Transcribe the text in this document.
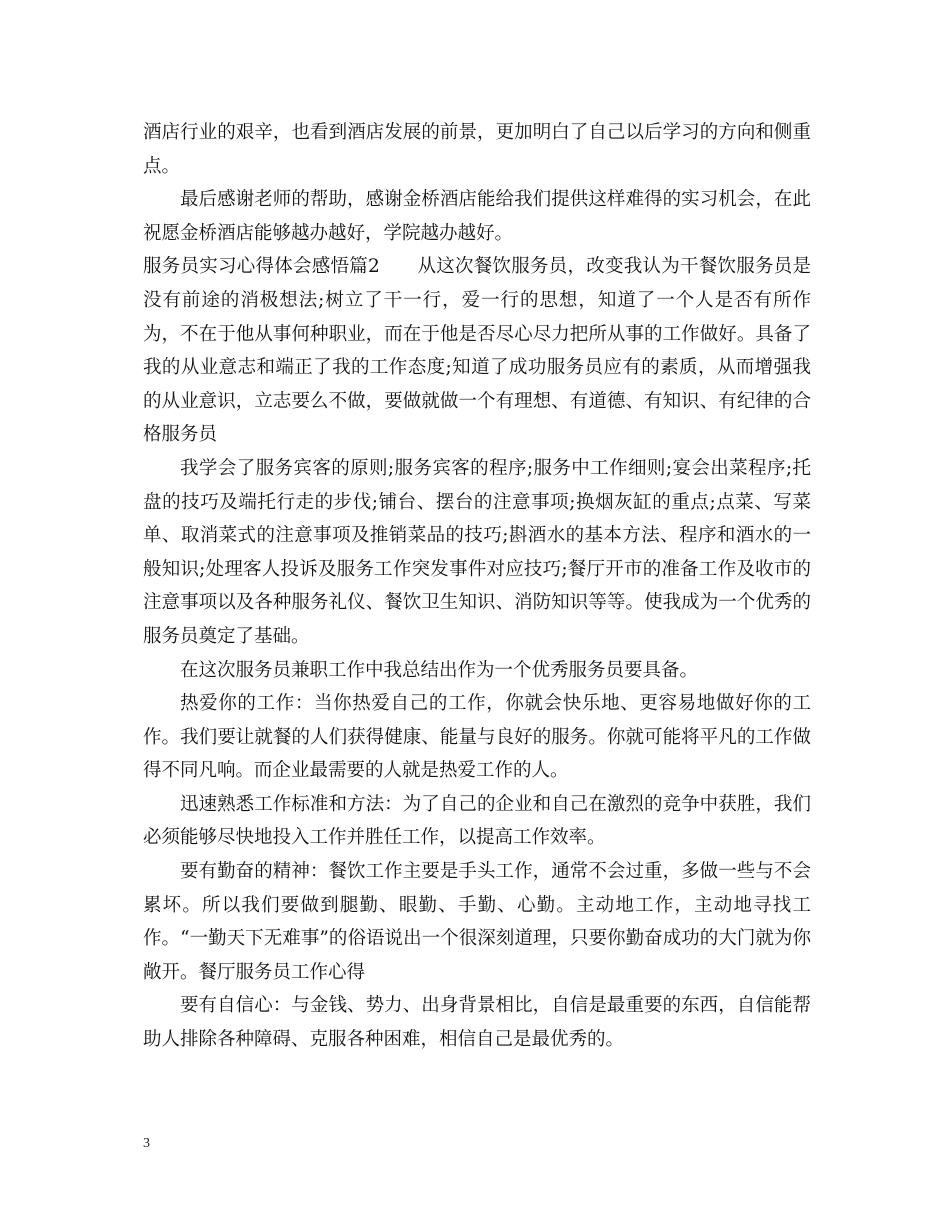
酒店行业的艰辛，也看到酒店发展的前景，更加明白了自己以后学习的方向和侧重点。

最后感谢老师的帮助，感谢金桥酒店能给我们提供这样难得的实习机会，在此祝愿金桥酒店能够越办越好，学院越办越好。

服务员实习心得体会感悟篇2　　从这次餐饮服务员，改变我认为干餐饮服务员是没有前途的消极想法;树立了干一行，爱一行的思想，知道了一个人是否有所作为，不在于他从事何种职业，而在于他是否尽心尽力把所从事的工作做好。具备了我的从业意志和端正了我的工作态度;知道了成功服务员应有的素质，从而增强我的从业意识，立志要么不做，要做就做一个有理想、有道德、有知识、有纪律的合格服务员

我学会了服务宾客的原则;服务宾客的程序;服务中工作细则;宴会出菜程序;托盘的技巧及端托行走的步伐;铺台、摆台的注意事项;换烟灰缸的重点;点菜、写菜单、取消菜式的注意事项及推销菜品的技巧;斟酒水的基本方法、程序和酒水的一般知识;处理客人投诉及服务工作突发事件对应技巧;餐厅开市的准备工作及收市的注意事项以及各种服务礼仪、餐饮卫生知识、消防知识等等。使我成为一个优秀的服务员奠定了基础。

在这次服务员兼职工作中我总结出作为一个优秀服务员要具备。

热爱你的工作：当你热爱自己的工作，你就会快乐地、更容易地做好你的工作。我们要让就餐的人们获得健康、能量与良好的服务。你就可能将平凡的工作做得不同凡响。而企业最需要的人就是热爱工作的人。

迅速熟悉工作标准和方法：为了自己的企业和自己在激烈的竞争中获胜，我们必须能够尽快地投入工作并胜任工作，以提高工作效率。

要有勤奋的精神：餐饮工作主要是手头工作，通常不会过重，多做一些与不会累坏。所以我们要做到腿勤、眼勤、手勤、心勤。主动地工作，主动地寻找工作。“一勤天下无难事”的俗语说出一个很深刻道理，只要你勤奋成功的大门就为你敞开。餐厅服务员工作心得

要有自信心：与金钱、势力、出身背景相比，自信是最重要的东西，自信能帮助人排除各种障碍、克服各种困难，相信自己是最优秀的。

3
